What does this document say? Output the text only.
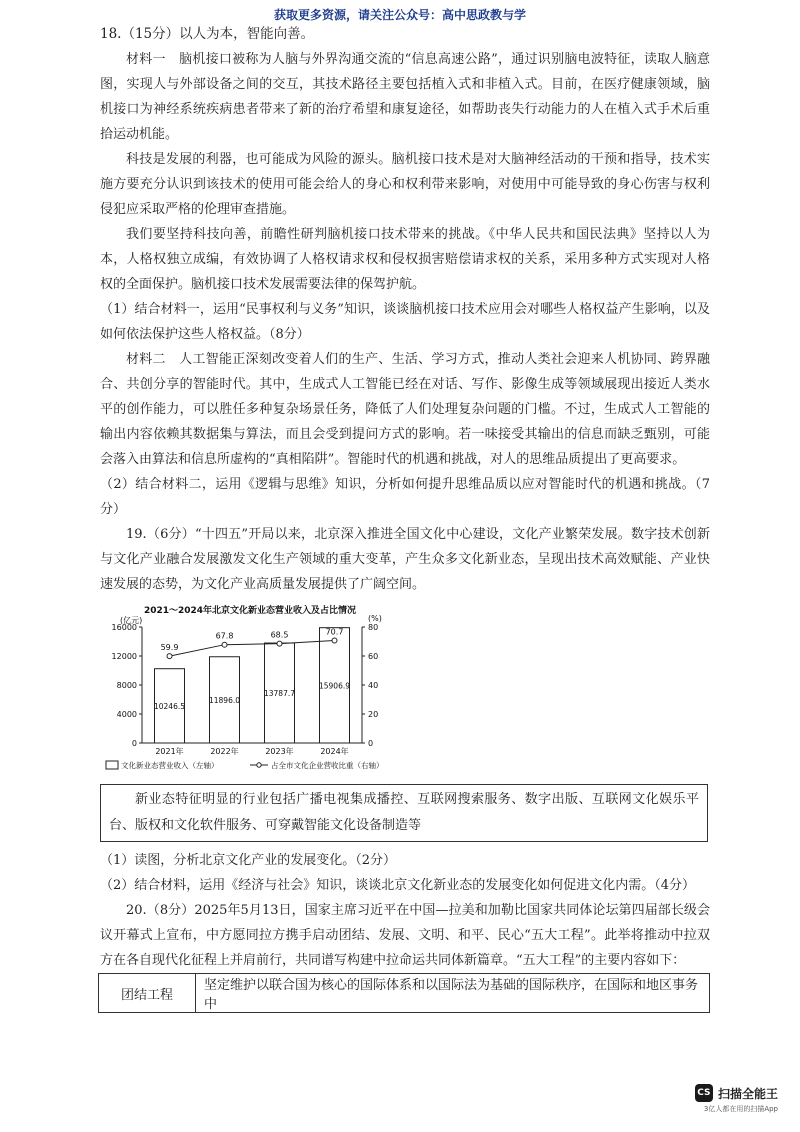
获取更多资源，请关注公众号：高中思政教与学

18.（15分）以人为本，智能向善。

材料一　脑机接口被称为人脑与外界沟通交流的“信息高速公路”，通过识别脑电波特征，读取人脑意图，实现人与外部设备之间的交互，其技术路径主要包括植入式和非植入式。目前，在医疗健康领域，脑机接口为神经系统疾病患者带来了新的治疗希望和康复途径，如帮助丧失行动能力的人在植入式手术后重拾运动机能。

科技是发展的利器，也可能成为风险的源头。脑机接口技术是对大脑神经活动的干预和指导，技术实施方要充分认识到该技术的使用可能会给人的身心和权利带来影响，对使用中可能导致的身心伤害与权利侵犯应采取严格的伦理审查措施。

我们要坚持科技向善，前瞻性研判脑机接口技术带来的挑战。《中华人民共和国民法典》坚持以人为本，人格权独立成编，有效协调了人格权请求权和侵权损害赔偿请求权的关系，采用多种方式实现对人格权的全面保护。脑机接口技术发展需要法律的保驾护航。

（1）结合材料一，运用“民事权利与义务”知识，谈谈脑机接口技术应用会对哪些人格权益产生影响，以及如何依法保护这些人格权益。（8分）

材料二　人工智能正深刻改变着人们的生产、生活、学习方式，推动人类社会迎来人机协同、跨界融合、共创分享的智能时代。其中，生成式人工智能已经在对话、写作、影像生成等领域展现出接近人类水平的创作能力，可以胜任多种复杂场景任务，降低了人们处理复杂问题的门槛。不过，生成式人工智能的输出内容依赖其数据集与算法，而且会受到提问方式的影响。若一味接受其输出的信息而缺乏甄别，可能会落入由算法和信息所虚构的“真相陷阱”。智能时代的机遇和挑战，对人的思维品质提出了更高要求。

（2）结合材料二，运用《逻辑与思维》知识，分析如何提升思维品质以应对智能时代的机遇和挑战。（7分）

19.（6分）“十四五”开局以来，北京深入推进全国文化中心建设，文化产业繁荣发展。数字技术创新与文化产业融合发展激发文化生产领域的重大变革，产生众多文化新业态，呈现出技术高效赋能、产业快速发展的态势，为文化产业高质量发展提供了广阔空间。

2021～2024年北京文化新业态营业收入及占比情况
(亿元)	(%)
0
4000
8000
12000
16000
0
20
40
60
80
10246.5
2021年
11896.0
2022年
13787.7
2023年
15906.9
2024年
59.9
67.8	68.5	70.7
文化新业态营业收入（左轴）	占全市文化企业营收比重（右轴）

新业态特征明显的行业包括广播电视集成播控、互联网搜索服务、数字出版、互联网文化娱乐平台、版权和文化软件服务、可穿戴智能文化设备制造等

（1）读图，分析北京文化产业的发展变化。（2分）

（2）结合材料，运用《经济与社会》知识，谈谈北京文化新业态的发展变化如何促进文化内需。（4分）

20.（8分）2025年5月13日，国家主席习近平在中国—拉美和加勒比国家共同体论坛第四届部长级会议开幕式上宣布，中方愿同拉方携手启动团结、发展、文明、和平、民心“五大工程”。此举将推动中拉双方在各自现代化征程上并肩前行，共同谱写构建中拉命运共同体新篇章。“五大工程”的主要内容如下：

团结工程	坚定维护以联合国为核心的国际体系和以国际法为基础的国际秩序，在国际和地区事务中
CS 扫描全能王
3亿人都在用的扫描App
